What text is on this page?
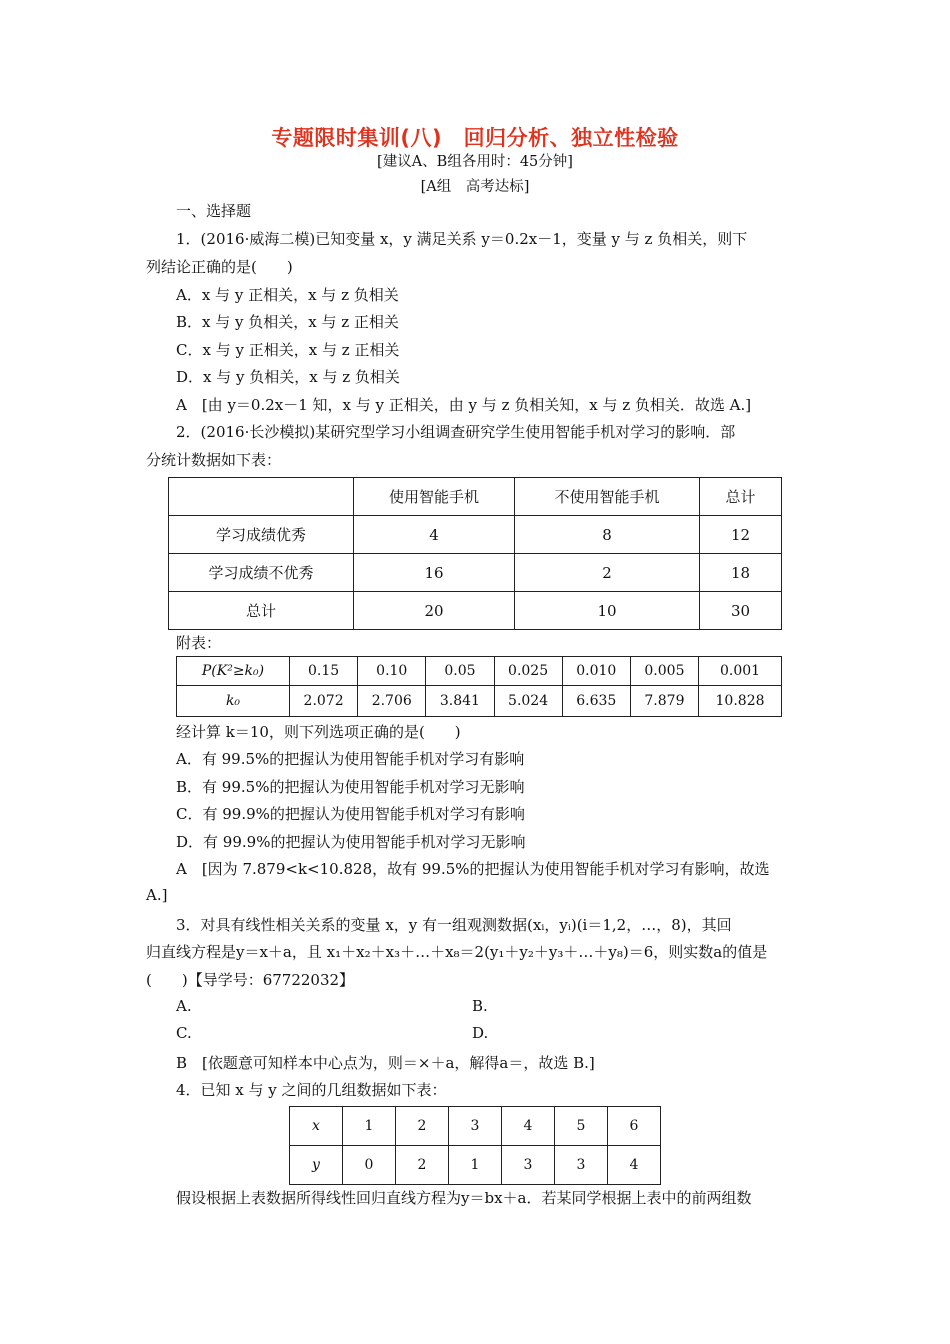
专题限时集训(八)　回归分析、独立性检验
[建议A、B组各用时：45分钟]
[A组　高考达标]
一、选择题
1．(2016·威海二模)已知变量 x，y 满足关系 y＝0.2x－1，变量 y 与 z 负相关，则下
列结论正确的是(　　)
A．x 与 y 正相关，x 与 z 负相关
B．x 与 y 负相关，x 与 z 正相关
C．x 与 y 正相关，x 与 z 正相关
D．x 与 y 负相关，x 与 z 负相关
A　[由 y＝0.2x－1 知，x 与 y 正相关，由 y 与 z 负相关知，x 与 z 负相关．故选 A.]
2．(2016·长沙模拟)某研究型学习小组调查研究学生使用智能手机对学习的影响．部
分统计数据如下表：
	使用智能手机	不使用智能手机	总计
学习成绩优秀	4	8	12
学习成绩不优秀	16	2	18
总计	20	10	30
附表：
P(K²≥k₀)	0.15	0.10	0.05	0.025	0.010	0.005	0.001
k₀	2.072	2.706	3.841	5.024	6.635	7.879	10.828
经计算 k＝10，则下列选项正确的是(　　)
A．有 99.5%的把握认为使用智能手机对学习有影响
B．有 99.5%的把握认为使用智能手机对学习无影响
C．有 99.9%的把握认为使用智能手机对学习有影响
D．有 99.9%的把握认为使用智能手机对学习无影响
A　[因为 7.879<k<10.828，故有 99.5%的把握认为使用智能手机对学习有影响，故选
A.]
3．对具有线性相关关系的变量 x，y 有一组观测数据(xᵢ，yᵢ)(i＝1,2，…，8)，其回
归直线方程是y＝x＋a，且 x₁＋x₂＋x₃＋…＋x₈＝2(y₁＋y₂＋y₃＋…＋y₈)＝6，则实数a的值是
(　　)【导学号：67722032】
A.	B.
C.	D.
B　[依题意可知样本中心点为，则＝×＋a，解得a＝，故选 B.]
4．已知 x 与 y 之间的几组数据如下表：
x	1	2	3	4	5	6
y	0	2	1	3	3	4
假设根据上表数据所得线性回归直线方程为y＝bx＋a．若某同学根据上表中的前两组数
